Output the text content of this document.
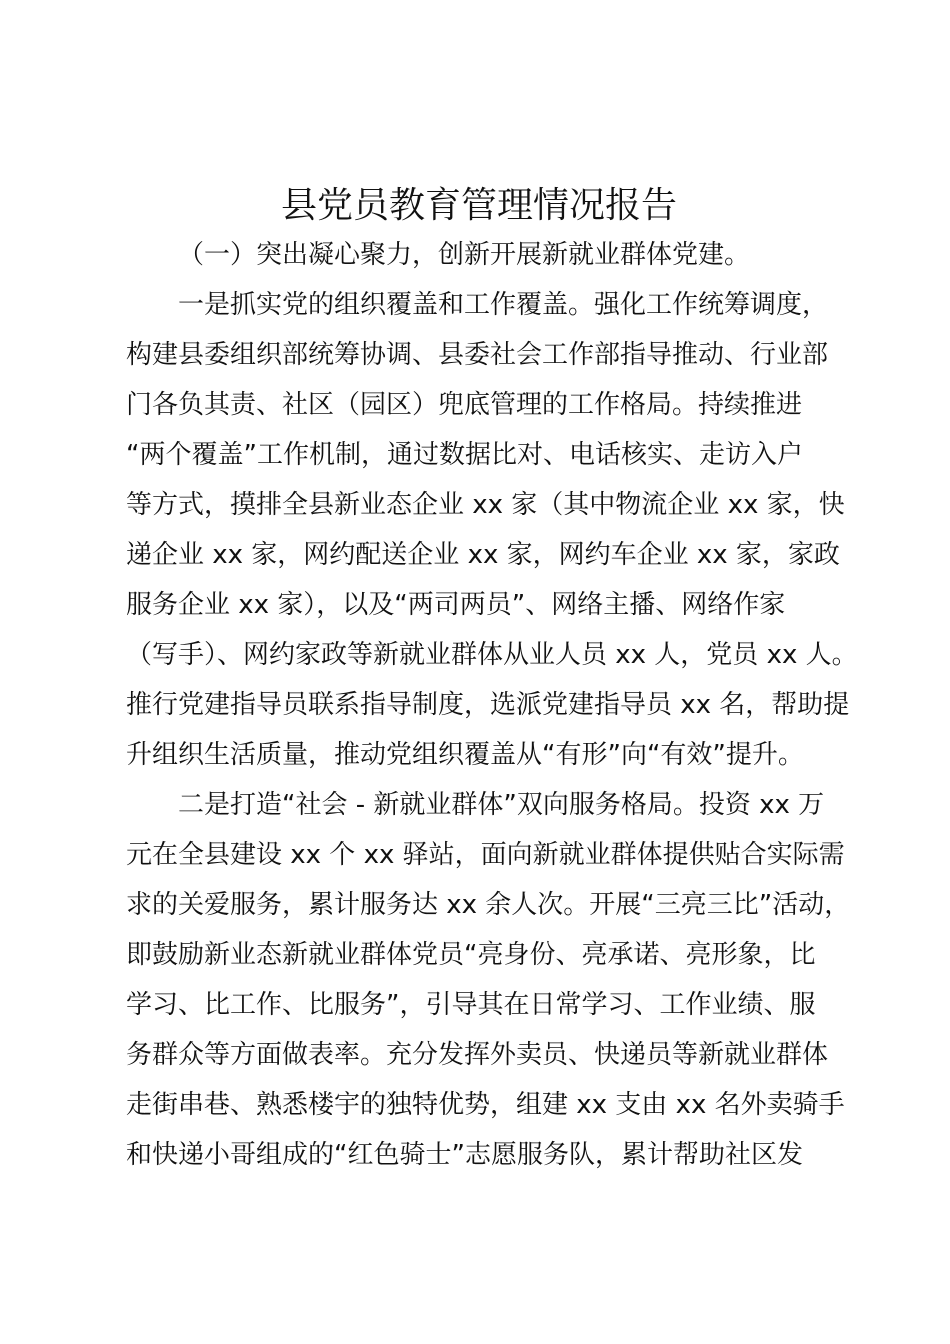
县党员教育管理情况报告
（一）突出凝心聚力，创新开展新就业群体党建。
一是抓实党的组织覆盖和工作覆盖。强化工作统筹调度，
构建县委组织部统筹协调、县委社会工作部指导推动、行业部
门各负其责、社区（园区）兜底管理的工作格局。持续推进
“两个覆盖”工作机制，通过数据比对、电话核实、走访入户
等方式，摸排全县新业态企业 xx 家（其中物流企业 xx 家，快
递企业 xx 家，网约配送企业 xx 家，网约车企业 xx 家，家政
服务企业 xx 家），以及“两司两员”、网络主播、网络作家
（写手）、网约家政等新就业群体从业人员 xx 人，党员 xx 人。
推行党建指导员联系指导制度，选派党建指导员 xx 名，帮助提
升组织生活质量，推动党组织覆盖从“有形”向“有效”提升。
二是打造“社会 - 新就业群体”双向服务格局。投资 xx 万
元在全县建设 xx 个 xx 驿站，面向新就业群体提供贴合实际需
求的关爱服务，累计服务达 xx 余人次。开展“三亮三比”活动，
即鼓励新业态新就业群体党员“亮身份、亮承诺、亮形象，比
学习、比工作、比服务”，引导其在日常学习、工作业绩、服
务群众等方面做表率。充分发挥外卖员、快递员等新就业群体
走街串巷、熟悉楼宇的独特优势，组建 xx 支由 xx 名外卖骑手
和快递小哥组成的“红色骑士”志愿服务队，累计帮助社区发
